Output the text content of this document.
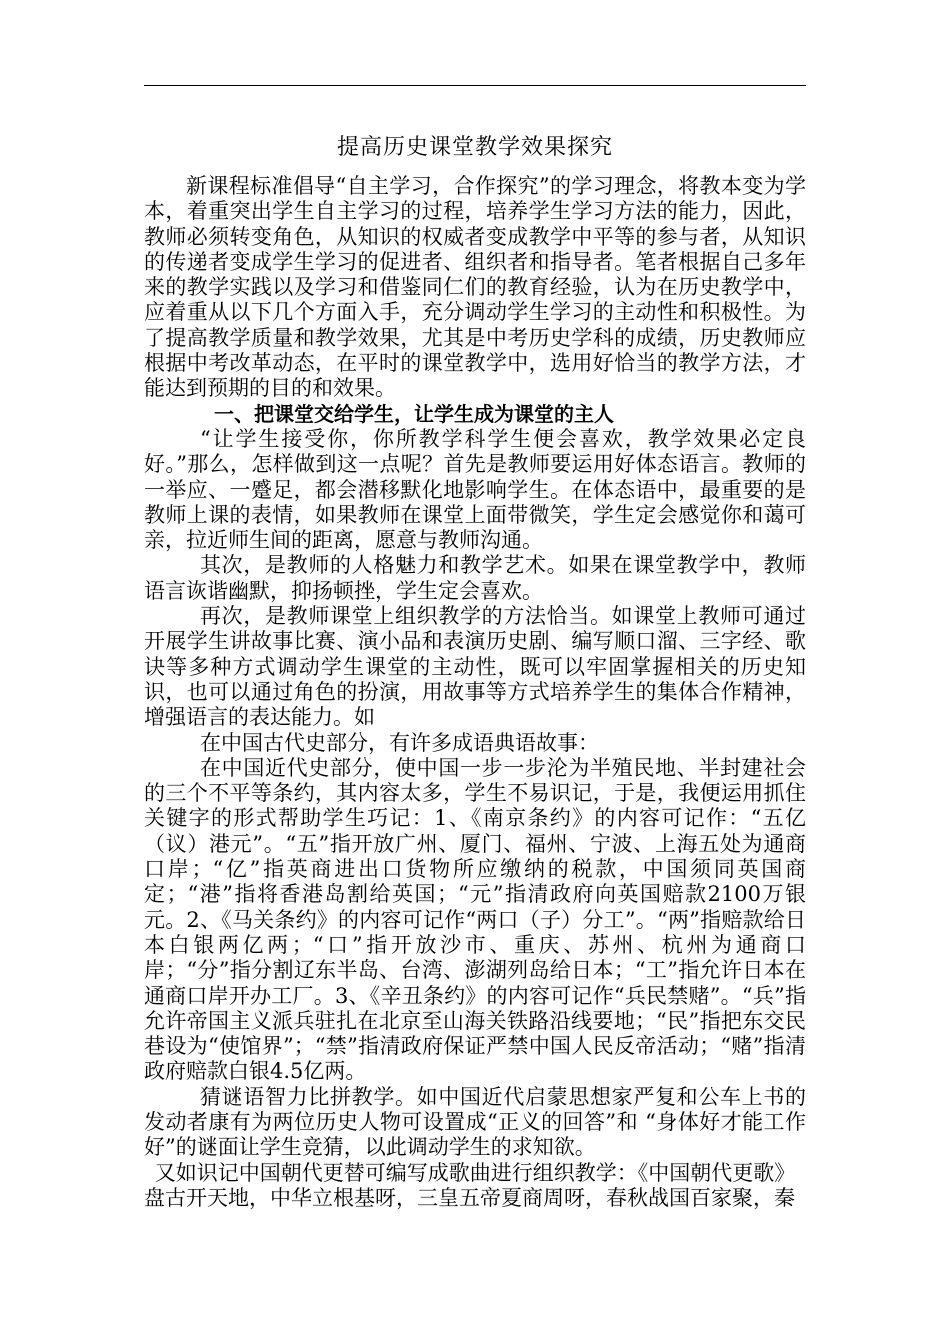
提高历史课堂教学效果探究

新课程标准倡导“自主学习，合作探究”的学习理念，将教本变为学本，着重突出学生自主学习的过程，培养学生学习方法的能力，因此，教师必须转变角色，从知识的权威者变成教学中平等的参与者，从知识的传递者变成学生学习的促进者、组织者和指导者。笔者根据自己多年来的教学实践以及学习和借鉴同仁们的教育经验，认为在历史教学中，应着重从以下几个方面入手，充分调动学生学习的主动性和积极性。为了提高教学质量和教学效果，尤其是中考历史学科的成绩，历史教师应根据中考改革动态，在平时的课堂教学中，选用好恰当的教学方法，才能达到预期的目的和效果。

一、把课堂交给学生，让学生成为课堂的主人

“让学生接受你，你所教学科学生便会喜欢，教学效果必定良好。”那么，怎样做到这一点呢？首先是教师要运用好体态语言。教师的一举应、一蹙足，都会潜移默化地影响学生。在体态语中，最重要的是教师上课的表情，如果教师在课堂上面带微笑，学生定会感觉你和蔼可亲，拉近师生间的距离，愿意与教师沟通。

其次，是教师的人格魅力和教学艺术。如果在课堂教学中，教师语言诙谐幽默，抑扬顿挫，学生定会喜欢。

再次，是教师课堂上组织教学的方法恰当。如课堂上教师可通过开展学生讲故事比赛、演小品和表演历史剧、编写顺口溜、三字经、歌诀等多种方式调动学生课堂的主动性，既可以牢固掌握相关的历史知识，也可以通过角色的扮演，用故事等方式培养学生的集体合作精神，增强语言的表达能力。如

在中国古代史部分，有许多成语典语故事：

在中国近代史部分，使中国一步一步沦为半殖民地、半封建社会的三个不平等条约，其内容太多，学生不易识记，于是，我便运用抓住关键字的形式帮助学生巧记：1、《南京条约》的内容可记作：“五亿（议）港元”。“五”指开放广州、厦门、福州、宁波、上海五处为通商口岸；“亿”指英商进出口货物所应缴纳的税款，中国须同英国商定；“港”指将香港岛割给英国；“元”指清政府向英国赔款2100万银元。2、《马关条约》的内容可记作“两口（子）分工”。“两”指赔款给日本白银两亿两；“口”指开放沙市、重庆、苏州、杭州为通商口岸；“分”指分割辽东半岛、台湾、澎湖列岛给日本；“工”指允许日本在通商口岸开办工厂。3、《辛丑条约》的内容可记作“兵民禁赌”。“兵”指允许帝国主义派兵驻扎在北京至山海关铁路沿线要地；“民”指把东交民巷设为“使馆界”；“禁”指清政府保证严禁中国人民反帝活动；“赌”指清政府赔款白银4.5亿两。

猜谜语智力比拼教学。如中国近代启蒙思想家严复和公车上书的发动者康有为两位历史人物可设置成“正义的回答”和 “身体好才能工作好”的谜面让学生竞猜，以此调动学生的求知欲。

又如识记中国朝代更替可编写成歌曲进行组织教学：《中国朝代更歌》

盘古开天地，中华立根基呀，三皇五帝夏商周呀，春秋战国百家聚，秦
